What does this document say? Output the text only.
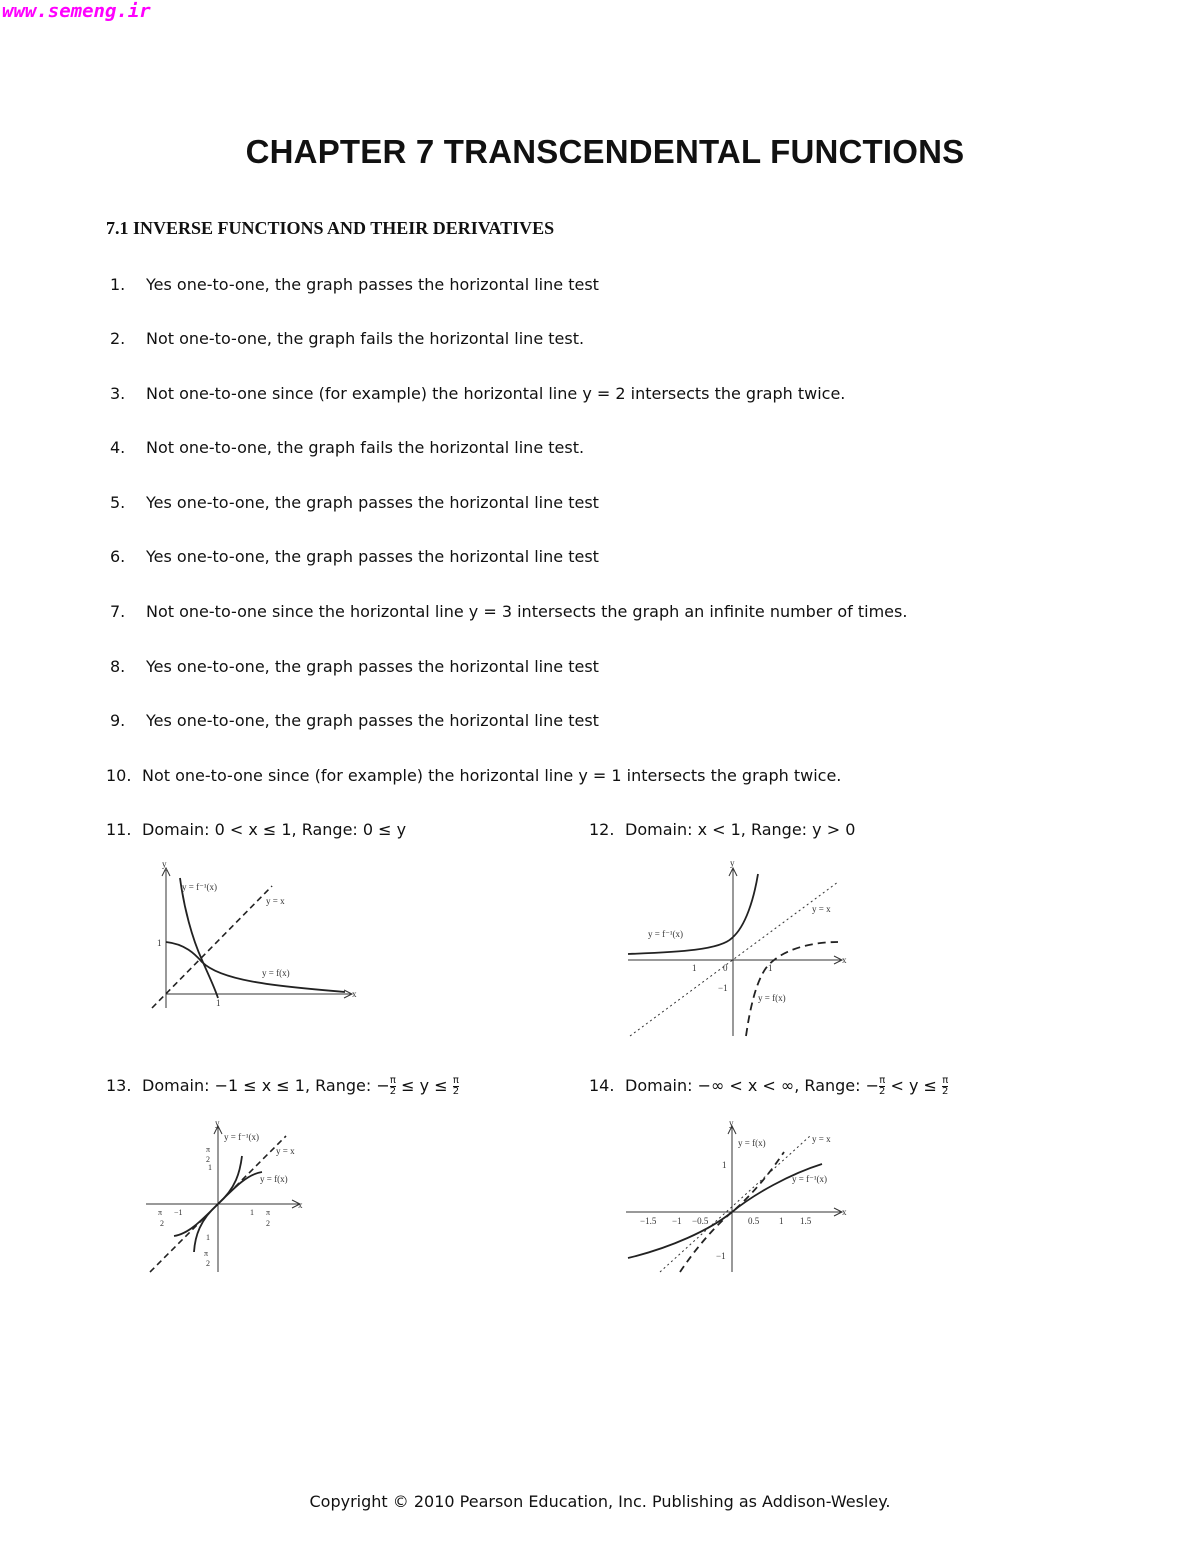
www.semeng.ir
CHAPTER 7 TRANSCENDENTAL FUNCTIONS
7.1 INVERSE FUNCTIONS AND THEIR DERIVATIVES
1. Yes one-to-one, the graph passes the horizontal line test
2. Not one-to-one, the graph fails the horizontal line test.
3. Not one-to-one since (for example) the horizontal line y = 2 intersects the graph twice.
4. Not one-to-one, the graph fails the horizontal line test.
5. Yes one-to-one, the graph passes the horizontal line test
6. Yes one-to-one, the graph passes the horizontal line test
7. Not one-to-one since the horizontal line y = 3 intersects the graph an infinite number of times.
8. Yes one-to-one, the graph passes the horizontal line test
9. Yes one-to-one, the graph passes the horizontal line test
10. Not one-to-one since (for example) the horizontal line y = 1 intersects the graph twice.
11. Domain: 0 < x ≤ 1, Range: 0 ≤ y	12. Domain: x < 1, Range: y > 0
y = f⁻¹(x)
y = x
y = f(x)
1
1
x
y
y = f⁻¹(x)
y = x
y = f(x)
1	0
−1
1
x
y
13. Domain: −1 ≤ x ≤ 1, Range: − $\frac{\pi}{2} \le y \le \frac{\pi}{2}$	14. Domain: −∞ < x < ∞, Range: − $\frac{\pi}{2} < y \le \frac{\pi}{2}$
y = f⁻¹(x)
y = x
y = f(x)
x
y
1
1
−1	π
2
π
2
π
2
1
π
2
y = f(x)	y = x
y = f⁻¹(x)
x
y
−1.5 −1 −0.5	0.5 1 1.5
1
−1
Copyright © 2010 Pearson Education, Inc. Publishing as Addison-Wesley.
